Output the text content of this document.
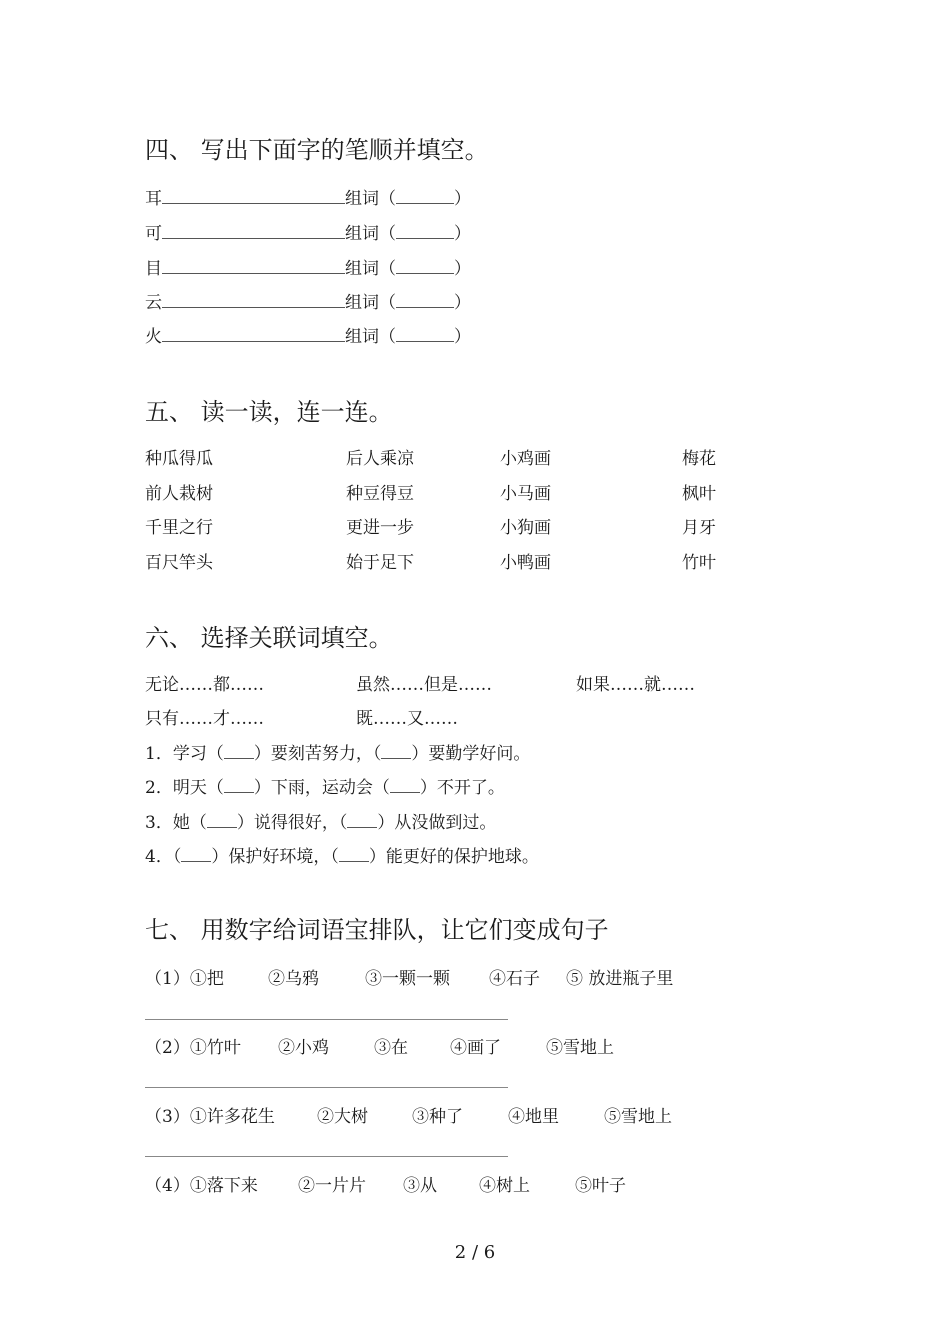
四、 写出下面字的笔顺并填空。
耳	组词（	）
可	组词（	）
目	组词（	）
云	组词（	）
火	组词（	）
五、 读一读，连一连。
种瓜得瓜	后人乘凉	小鸡画	梅花
前人栽树	种豆得豆	小马画	枫叶
千里之行	更进一步	小狗画	月牙
百尺竿头	始于足下	小鸭画	竹叶
六、 选择关联词填空。
无论……都……	虽然……但是……	如果……就……
只有……才……	既……又……
1．学习（ ）要刻苦努力，（ ）要勤学好问。
2．明天（ ）下雨，运动会（ ）不开了。
3．她（ ）说得很好，（ ）从没做到过。
4．（ ）保护好环境，（ ）能更好的保护地球。
七、 用数字给词语宝排队，让它们变成句子
（1）①把	②乌鸦	③一颗一颗 ④石子 ⑤ 放进瓶子里
（2）①竹叶 ②小鸡	③在 ④画了	⑤雪地上
（3）①许多花生 ②大树	③种了	④地里	⑤雪地上
（4）①落下来 ②一片片 ③从 ④树上	⑤叶子
2 / 6
